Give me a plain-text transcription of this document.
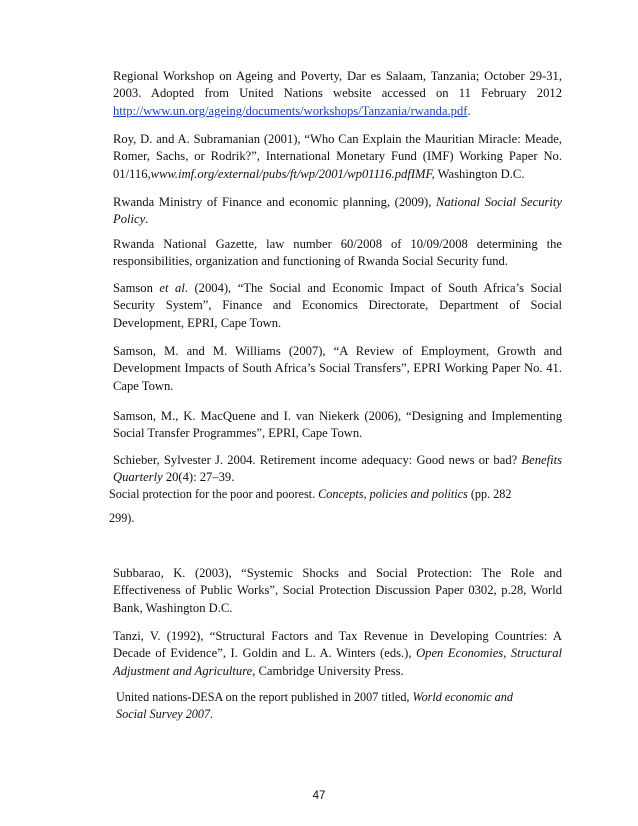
Regional Workshop on Ageing and Poverty, Dar es Salaam, Tanzania; October 29-31, 2003. Adopted from United Nations website accessed on 11 February 2012 http://www.un.org/ageing/documents/workshops/Tanzania/rwanda.pdf.

Roy, D. and A. Subramanian (2001), “Who Can Explain the Mauritian Miracle: Meade, Romer, Sachs, or Rodrik?”, International Monetary Fund (IMF) Working Paper No. 01/116,www.imf.org/external/pubs/ft/wp/2001/wp01116.pdfIMF, Washington D.C.

Rwanda Ministry of Finance and economic planning, (2009), National Social Security Policy.

Rwanda National Gazette, law number 60/2008 of 10/09/2008 determining the responsibilities, organization and functioning of Rwanda Social Security fund.

Samson et al. (2004), “The Social and Economic Impact of South Africa’s Social Security System”, Finance and Economics Directorate, Department of Social Development, EPRI, Cape Town.

Samson, M. and M. Williams (2007), “A Review of Employment, Growth and Development Impacts of South Africa’s Social Transfers”, EPRI Working Paper No. 41. Cape Town.

Samson, M., K. MacQuene and I. van Niekerk (2006), “Designing and Implementing Social Transfer Programmes”, EPRI, Cape Town.

Schieber, Sylvester J. 2004. Retirement income adequacy: Good news or bad? Benefits Quarterly 20(4): 27–39.

Social protection for the poor and poorest. Concepts, policies and politics (pp. 282

299).

Subbarao, K. (2003), “Systemic Shocks and Social Protection: The Role and Effectiveness of Public Works”, Social Protection Discussion Paper 0302, p.28, World Bank, Washington D.C.

Tanzi, V. (1992), “Structural Factors and Tax Revenue in Developing Countries: A Decade of Evidence”, I. Goldin and L. A. Winters (eds.), Open Economies, Structural Adjustment and Agriculture, Cambridge University Press.

United nations-DESA on the report published in 2007 titled, World economic and Social Survey 2007.

47
